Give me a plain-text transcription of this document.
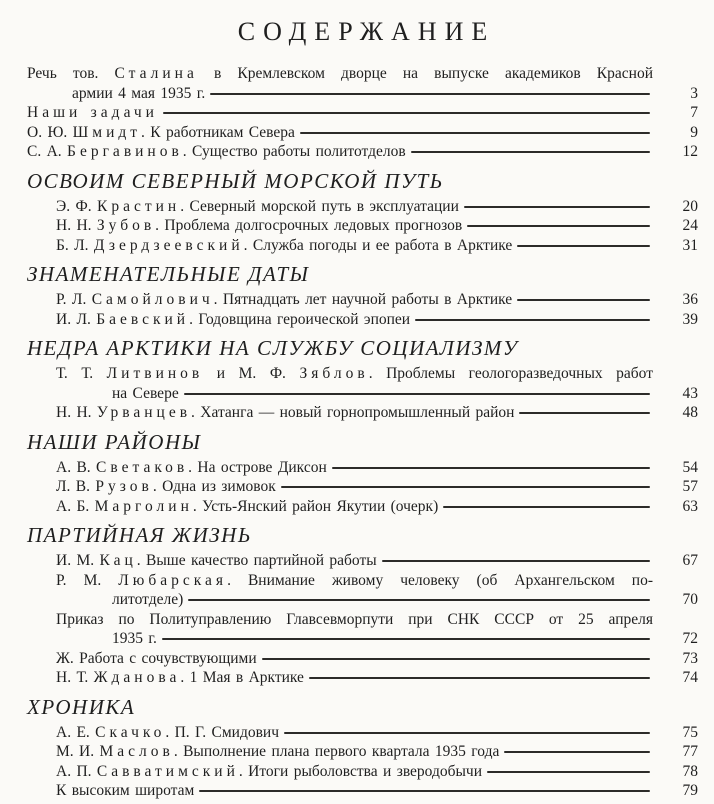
СОДЕРЖАНИЕ
Речь тов. Сталина в Кремлевском дворце на выпуске академиков Красной
армии 4 мая 1935 г.	3
Наши задачи	7
О. Ю. Шмидт. К работникам Севера	9
С. А. Бергавинов. Существо работы политотделов	12
ОСВОИМ СЕВЕРНЫЙ МОРСКОЙ ПУТЬ
Э. Ф. Крастин. Северный морской путь в эксплуатации	20
Н. Н. Зубов. Проблема долгосрочных ледовых прогнозов	24
Б. Л. Дзердзеевский. Служба погоды и ее работа в Арктике	31
ЗНАМЕНАТЕЛЬНЫЕ ДАТЫ
Р. Л. Самойлович. Пятнадцать лет научной работы в Арктике	36
И. Л. Баевский. Годовщина героической эпопеи	39
НЕДРА АРКТИКИ НА СЛУЖБУ СОЦИАЛИЗМУ
Т. Т. Литвинов и М. Ф. Зяблов. Проблемы геологоразведочных работ
на Севере	43
Н. Н. Урванцев. Хатанга — новый горнопромышленный район	48
НАШИ РАЙОНЫ
А. В. Светаков. На острове Диксон	54
Л. В. Рузов. Одна из зимовок	57
А. Б. Марголин. Усть-Янский район Якутии (очерк)	63
ПАРТИЙНАЯ ЖИЗНЬ
И. М. Кац. Выше качество партийной работы	67
Р. М. Любарская. Внимание живому человеку (об Архангельском по-
литотделе)	70
Приказ по Политуправлению Главсевморпути при СНК СССР от 25 апреля
1935 г.	72
Ж. Работа с сочувствующими	73
Н. Т. Жданова. 1 Мая в Арктике	74
ХРОНИКА
А. Е. Скачко. П. Г. Смидович	75
М. И. Маслов. Выполнение плана первого квартала 1935 года	77
А. П. Савватимский. Итоги рыболовства и зверодобычи	78
К высоким широтам	79
